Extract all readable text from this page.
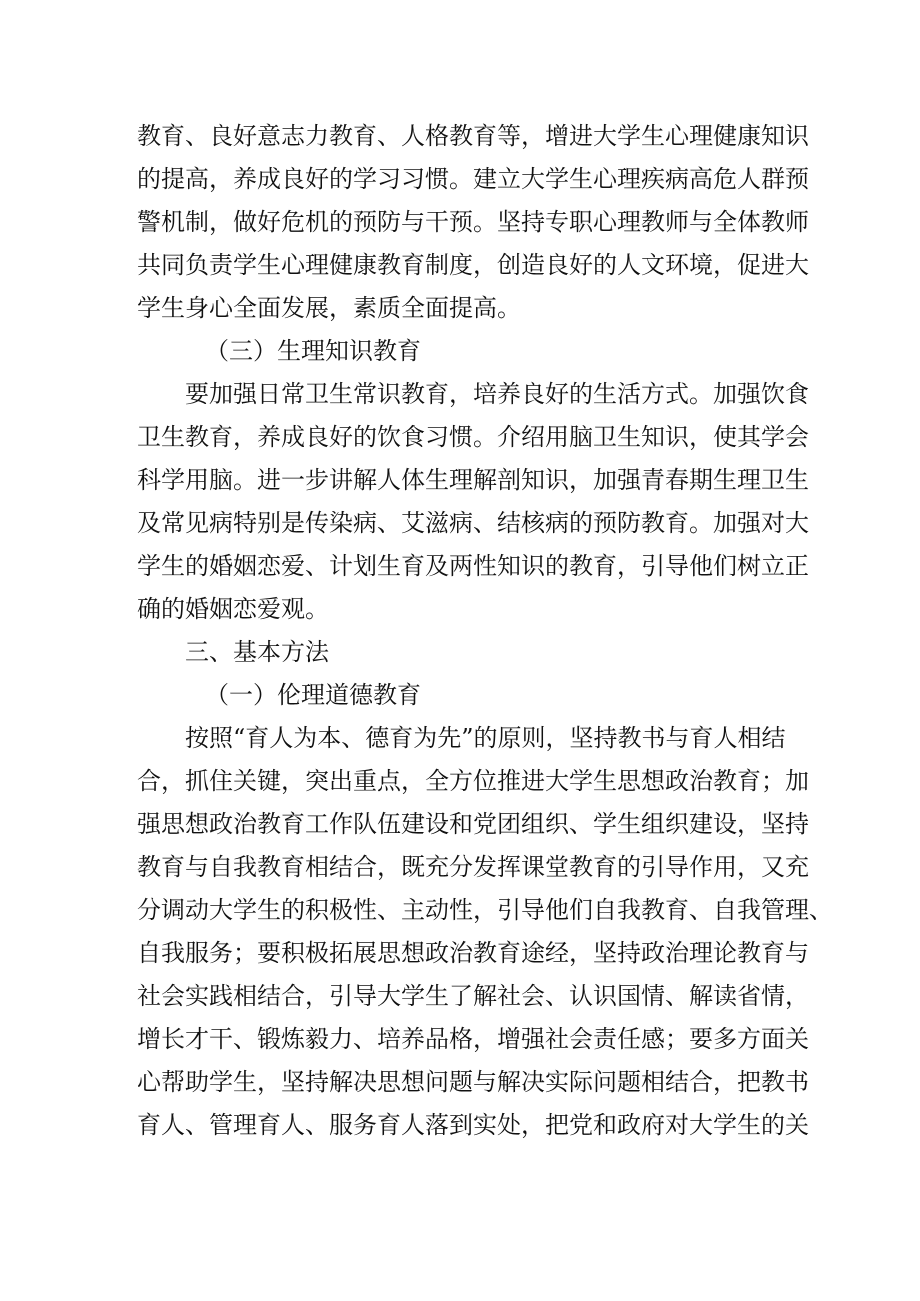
教育、良好意志力教育、人格教育等，增进大学生心理健康知识
的提高，养成良好的学习习惯。建立大学生心理疾病高危人群预
警机制，做好危机的预防与干预。坚持专职心理教师与全体教师
共同负责学生心理健康教育制度，创造良好的人文环境，促进大
学生身心全面发展，素质全面提高。
（三）生理知识教育
要加强日常卫生常识教育，培养良好的生活方式。加强饮食
卫生教育，养成良好的饮食习惯。介绍用脑卫生知识，使其学会
科学用脑。进一步讲解人体生理解剖知识，加强青春期生理卫生
及常见病特别是传染病、艾滋病、结核病的预防教育。加强对大
学生的婚姻恋爱、计划生育及两性知识的教育，引导他们树立正
确的婚姻恋爱观。
三、基本方法
（一）伦理道德教育
按照“育人为本、德育为先”的原则，坚持教书与育人相结
合，抓住关键，突出重点，全方位推进大学生思想政治教育；加
强思想政治教育工作队伍建设和党团组织、学生组织建设，坚持
教育与自我教育相结合，既充分发挥课堂教育的引导作用，又充
分调动大学生的积极性、主动性，引导他们自我教育、自我管理、
自我服务；要积极拓展思想政治教育途经，坚持政治理论教育与
社会实践相结合，引导大学生了解社会、认识国情、解读省情，
增长才干、锻炼毅力、培养品格，增强社会责任感；要多方面关
心帮助学生，坚持解决思想问题与解决实际问题相结合，把教书
育人、管理育人、服务育人落到实处，把党和政府对大学生的关
